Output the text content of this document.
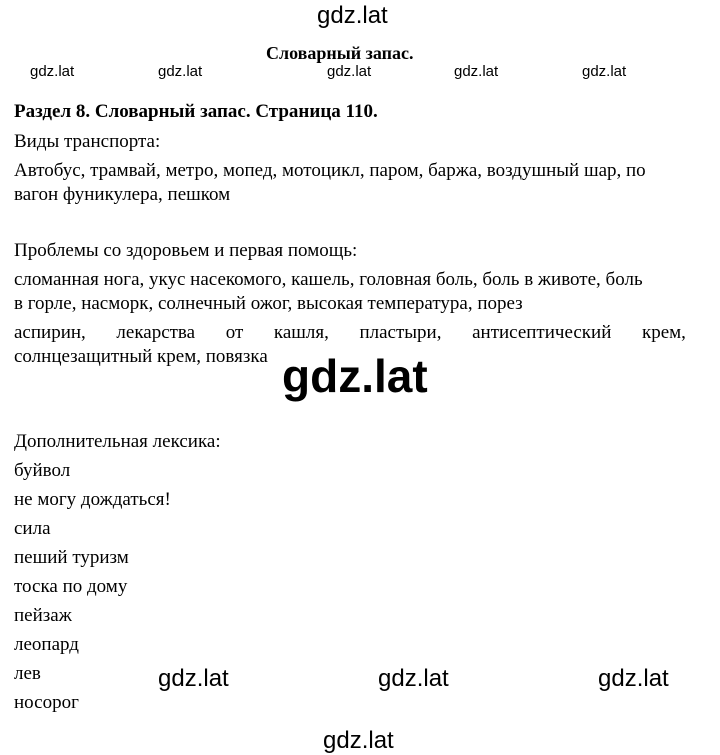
gdz.lat
Словарный запас.
gdz.lat	gdz.lat	gdz.lat	gdz.lat	gdz.lat
Раздел 8. Словарный запас. Страница 110.
Виды транспорта:
Автобус, трамвай, метро, мопед, мотоцикл, паром, баржа, воздушный шар, по
вагон фуникулера, пешком
Проблемы со здоровьем и первая помощь:
сломанная нога, укус насекомого, кашель, головная боль, боль в животе, боль
в горле, насморк, солнечный ожог, высокая температура, порез
аспирин, лекарства от кашля, пластыри, антисептический крем,
солнцезащитный крем, повязка gdz.lat
Дополнительная лексика:
буйвол
не могу дождаться!
сила
пеший туризм
тоска по дому
пейзаж
леопард
лев
носорог
gdz.lat	gdz.lat	gdz.lat
gdz.lat
